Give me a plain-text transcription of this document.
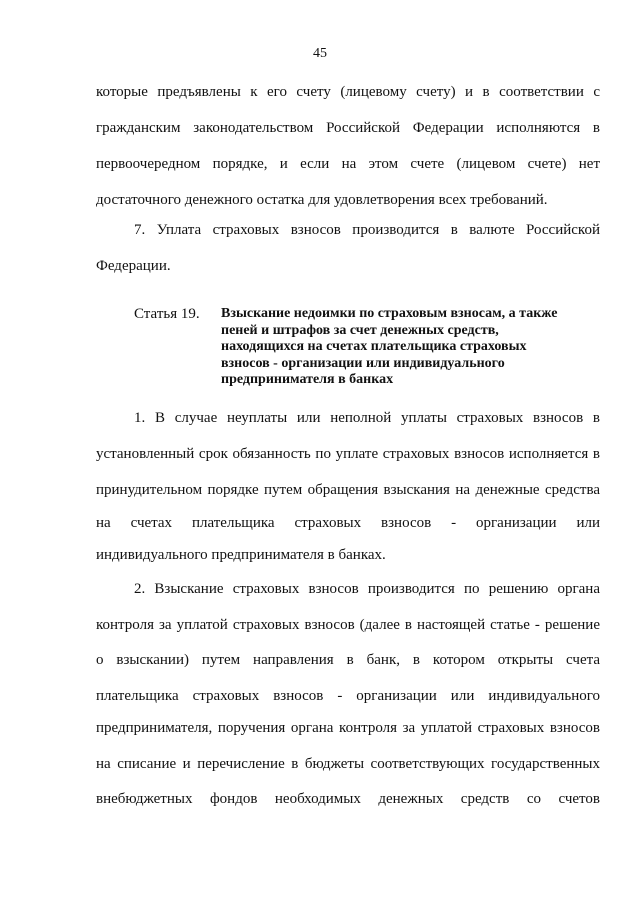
45
которые предъявлены к его счету (лицевому счету) и в соответствии с
гражданским законодательством Российской Федерации исполняются в
первоочередном порядке, и если на этом счете (лицевом счете) нет
достаточного денежного остатка для удовлетворения всех требований.
7. Уплата страховых взносов производится в валюте Российской
Федерации.
Статья 19. Взыскание недоимки по страховым взносам, а также
пеней и штрафов за счет денежных средств,
находящихся на счетах плательщика страховых
взносов - организации или индивидуального
предпринимателя в банках
1. В случае неуплаты или неполной уплаты страховых взносов в
установленный срок обязанность по уплате страховых взносов исполняется в
принудительном порядке путем обращения взыскания на денежные средства
на счетах плательщика страховых взносов - организации или
индивидуального предпринимателя в банках.
2. Взыскание страховых взносов производится по решению органа
контроля за уплатой страховых взносов (далее в настоящей статье - решение
о взыскании) путем направления в банк, в котором открыты счета
плательщика страховых взносов - организации или индивидуального
предпринимателя, поручения органа контроля за уплатой страховых взносов
на списание и перечисление в бюджеты соответствующих государственных
внебюджетных фондов необходимых денежных средств со счетов
